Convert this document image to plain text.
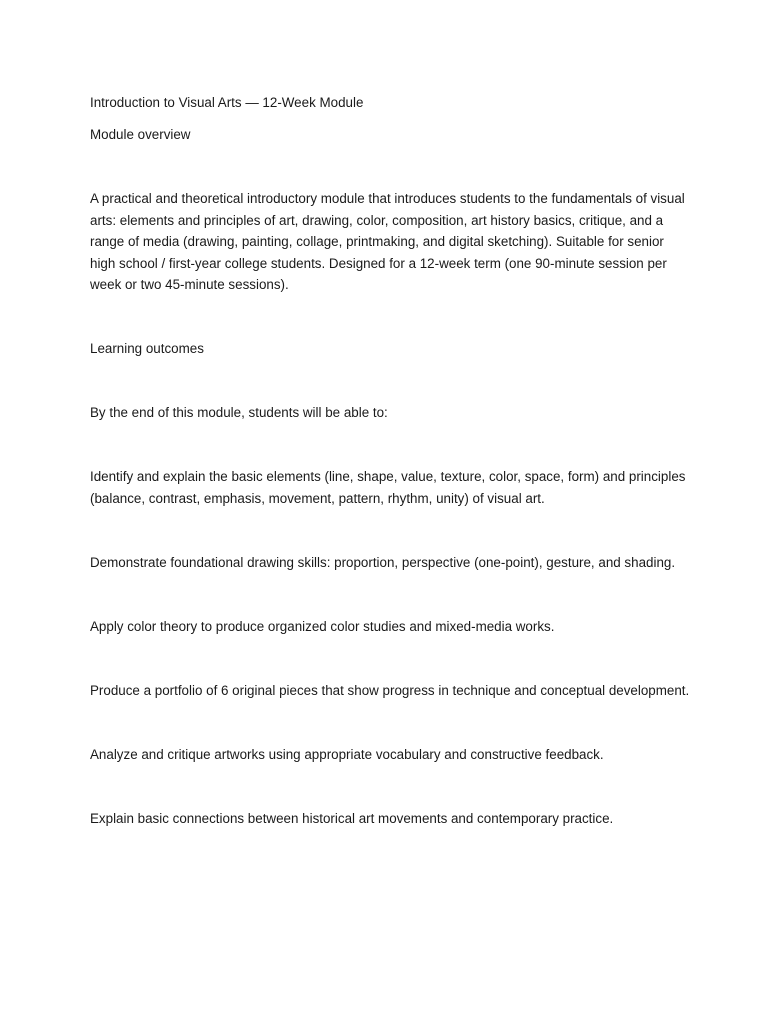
Introduction to Visual Arts — 12-Week Module

Module overview

A practical and theoretical introductory module that introduces students to the fundamentals of visual arts: elements and principles of art, drawing, color, composition, art history basics, critique, and a range of media (drawing, painting, collage, printmaking, and digital sketching). Suitable for senior high school / first-year college students. Designed for a 12-week term (one 90-minute session per week or two 45-minute sessions).

Learning outcomes

By the end of this module, students will be able to:

Identify and explain the basic elements (line, shape, value, texture, color, space, form) and principles (balance, contrast, emphasis, movement, pattern, rhythm, unity) of visual art.

Demonstrate foundational drawing skills: proportion, perspective (one-point), gesture, and shading.

Apply color theory to produce organized color studies and mixed-media works.

Produce a portfolio of 6 original pieces that show progress in technique and conceptual development.

Analyze and critique artworks using appropriate vocabulary and constructive feedback.

Explain basic connections between historical art movements and contemporary practice.
